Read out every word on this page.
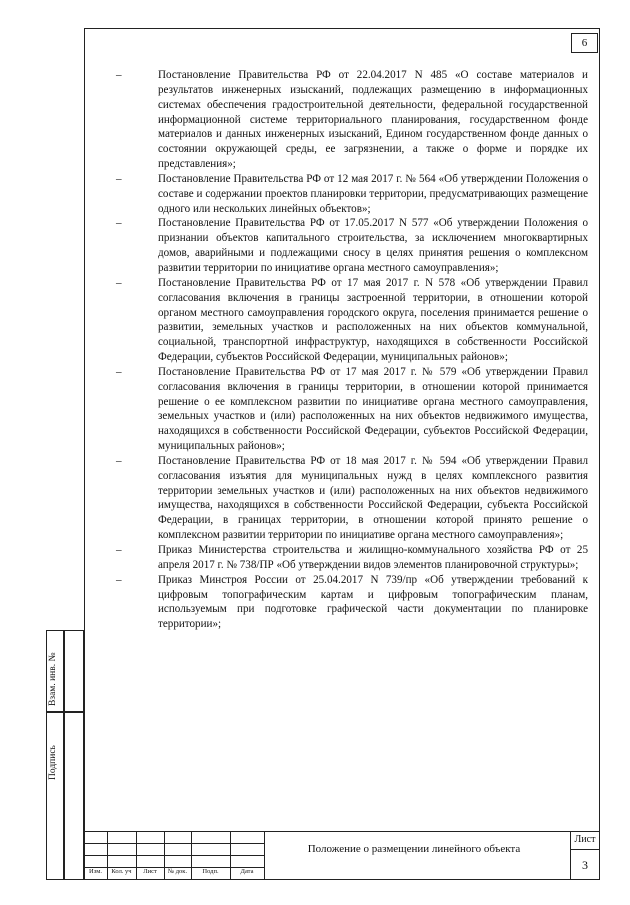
6

–	Постановление Правительства РФ от 22.04.2017 N 485 «О составе материалов и результатов инженерных изысканий, подлежащих размещению в информационных системах обеспечения градостроительной деятельности, федеральной государственной информационной системе территориального планирования, государственном фонде материалов и данных инженерных изысканий, Едином государственном фонде данных о состоянии окружающей среды, ее загрязнении, а также о форме и порядке их представления»;

–	Постановление Правительства РФ от 12 мая 2017 г. № 564 «Об утверждении Положения о составе и содержании проектов планировки территории, предусматривающих размещение одного или нескольких линейных объектов»;

–	Постановление Правительства РФ от 17.05.2017 N 577 «Об утверждении Положения о признании объектов капитального строительства, за исключением многоквартирных домов, аварийными и подлежащими сносу в целях принятия решения о комплексном развитии территории по инициативе органа местного самоуправления»;

–	Постановление Правительства РФ от 17 мая 2017 г. N 578 «Об утверждении Правил согласования включения в границы застроенной территории, в отношении которой органом местного самоуправления городского округа, поселения принимается решение о развитии, земельных участков и расположенных на них объектов коммунальной, социальной, транспортной инфраструктур, находящихся в собственности Российской Федерации, субъектов Российской Федерации, муниципальных районов»;

–	Постановление Правительства РФ от 17 мая 2017 г. № 579 «Об утверждении Правил согласования включения в границы территории, в отношении которой принимается решение о ее комплексном развитии по инициативе органа местного самоуправления, земельных участков и (или) расположенных на них объектов недвижимого имущества, находящихся в собственности Российской Федерации, субъектов Российской Федерации, муниципальных районов»;

–	Постановление Правительства РФ от 18 мая 2017 г. № 594 «Об утверждении Правил согласования изъятия для муниципальных нужд в целях комплексного развития территории земельных участков и (или) расположенных на них объектов недвижимого имущества, находящихся в собственности Российской Федерации, субъекта Российской Федерации, в границах территории, в отношении которой принято решение о комплексном развитии территории по инициативе органа местного самоуправления»;

–	Приказ Министерства строительства и жилищно-коммунального хозяйства РФ от 25 апреля 2017 г. № 738/ПР «Об утверждении видов элементов планировочной структуры»;

–	Приказ Минстроя России от 25.04.2017 N 739/пр «Об утверждении требований к цифровым топографическим картам и цифровым топографическим планам, используемым при подготовке графической части документации по планировке территории»;

Взам. инв. №
Подпись
Изм.	Кол. уч	Лист	№ док.	Подп.	Дата
Положение о размещении линейного объекта
Лист
3
